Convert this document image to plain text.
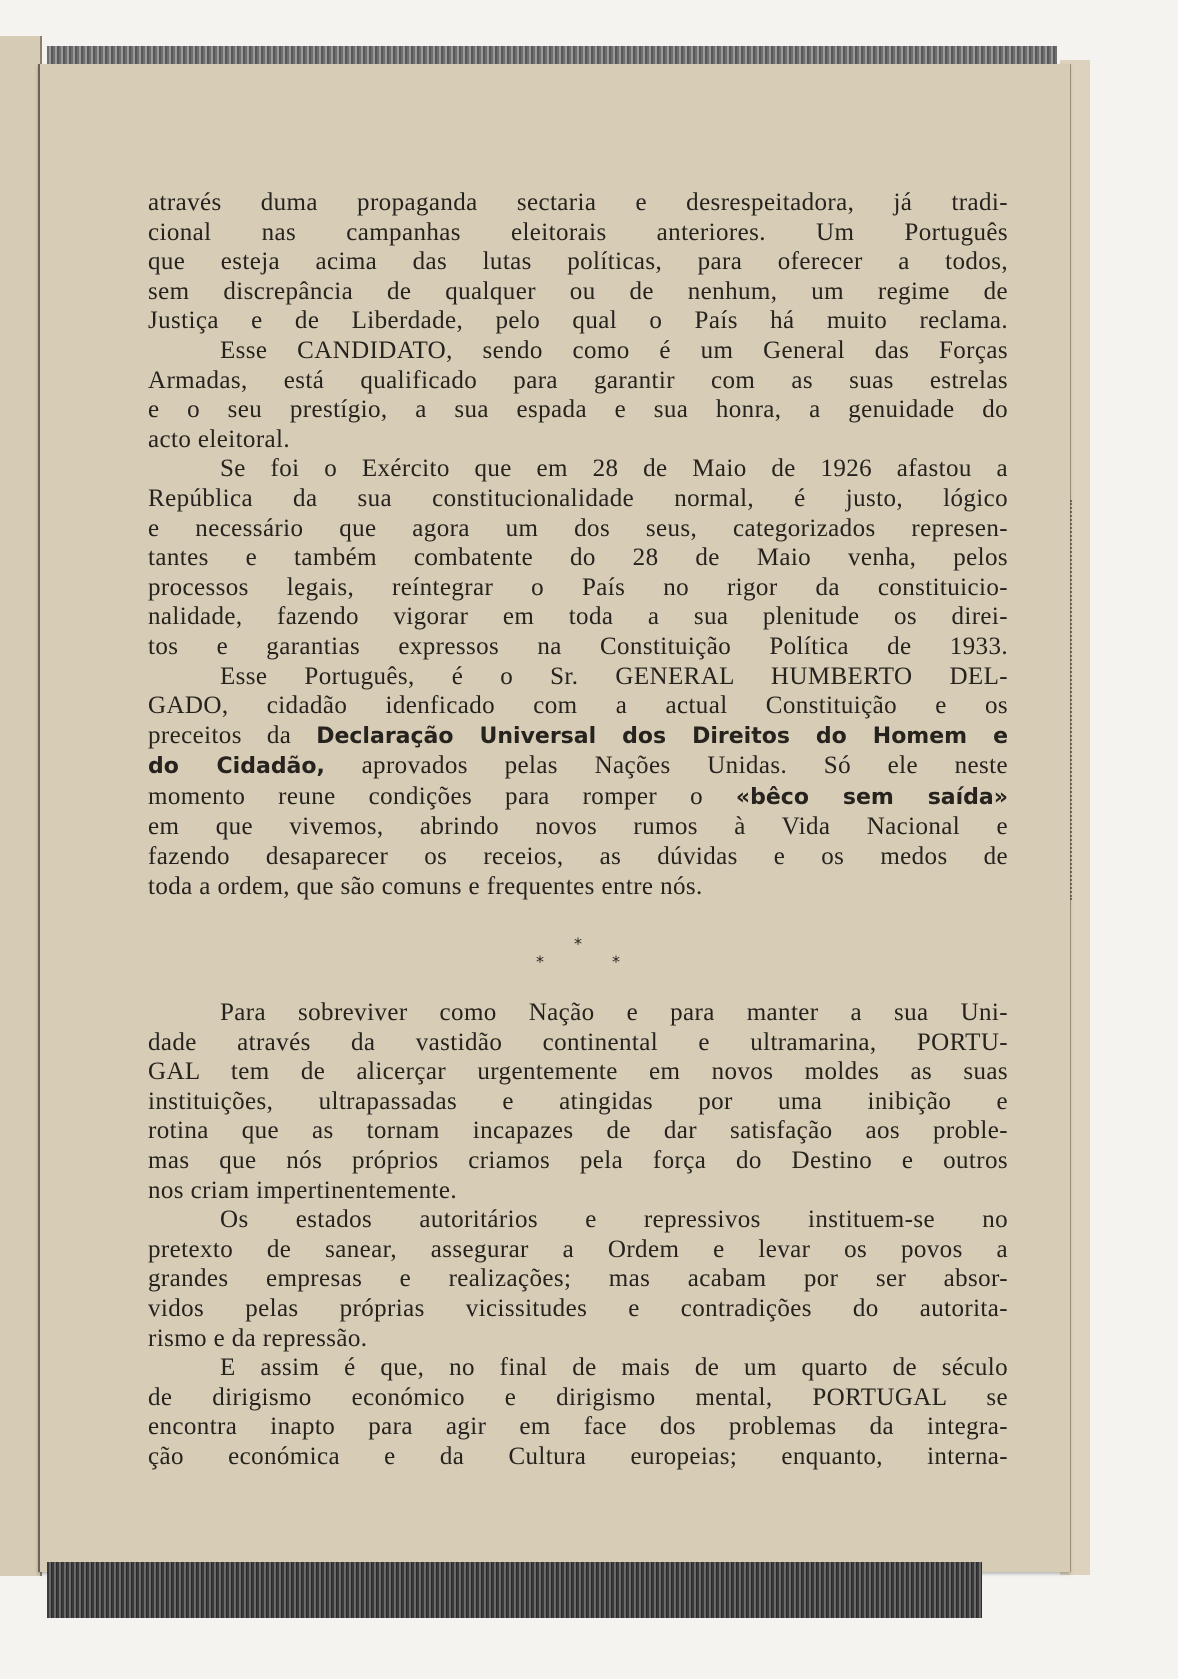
através duma propaganda sectaria e desrespeitadora, já tradi-
cional nas campanhas eleitorais anteriores. Um Português
que esteja acima das lutas políticas, para oferecer a todos,
sem discrepância de qualquer ou de nenhum, um regime de
Justiça e de Liberdade, pelo qual o País há muito reclama.
Esse CANDIDATO, sendo como é um General das Forças
Armadas, está qualificado para garantir com as suas estrelas
e o seu prestígio, a sua espada e sua honra, a genuidade do
acto eleitoral.
Se foi o Exército que em 28 de Maio de 1926 afastou a
República da sua constitucionalidade normal, é justo, lógico
e necessário que agora um dos seus, categorizados represen-
tantes e também combatente do 28 de Maio venha, pelos
processos legais, reíntegrar o País no rigor da constituicio-
nalidade, fazendo vigorar em toda a sua plenitude os direi-
tos e garantias expressos na Constituição Política de 1933.
Esse Português, é o Sr. GENERAL HUMBERTO DEL-
GADO, cidadão idenficado com a actual Constituição e os
preceitos da Declaração Universal dos Direitos do Homem e
do Cidadão, aprovados pelas Nações Unidas. Só ele neste
momento reune condições para romper o «bêco sem saída»
em que vivemos, abrindo novos rumos à Vida Nacional e
fazendo desaparecer os receios, as dúvidas e os medos de
toda a ordem, que são comuns e frequentes entre nós.
*
*	*
Para sobreviver como Nação e para manter a sua Uni-
dade através da vastidão continental e ultramarina, PORTU-
GAL tem de alicerçar urgentemente em novos moldes as suas
instituições, ultrapassadas e atingidas por uma inibição e
rotina que as tornam incapazes de dar satisfação aos proble-
mas que nós próprios criamos pela força do Destino e outros
nos criam impertinentemente.
Os estados autoritários e repressivos instituem-se no
pretexto de sanear, assegurar a Ordem e levar os povos a
grandes empresas e realizações; mas acabam por ser absor-
vidos pelas próprias vicissitudes e contradições do autorita-
rismo e da repressão.
E assim é que, no final de mais de um quarto de século
de dirigismo económico e dirigismo mental, PORTUGAL se
encontra inapto para agir em face dos problemas da integra-
ção económica e da Cultura europeias; enquanto, interna-
